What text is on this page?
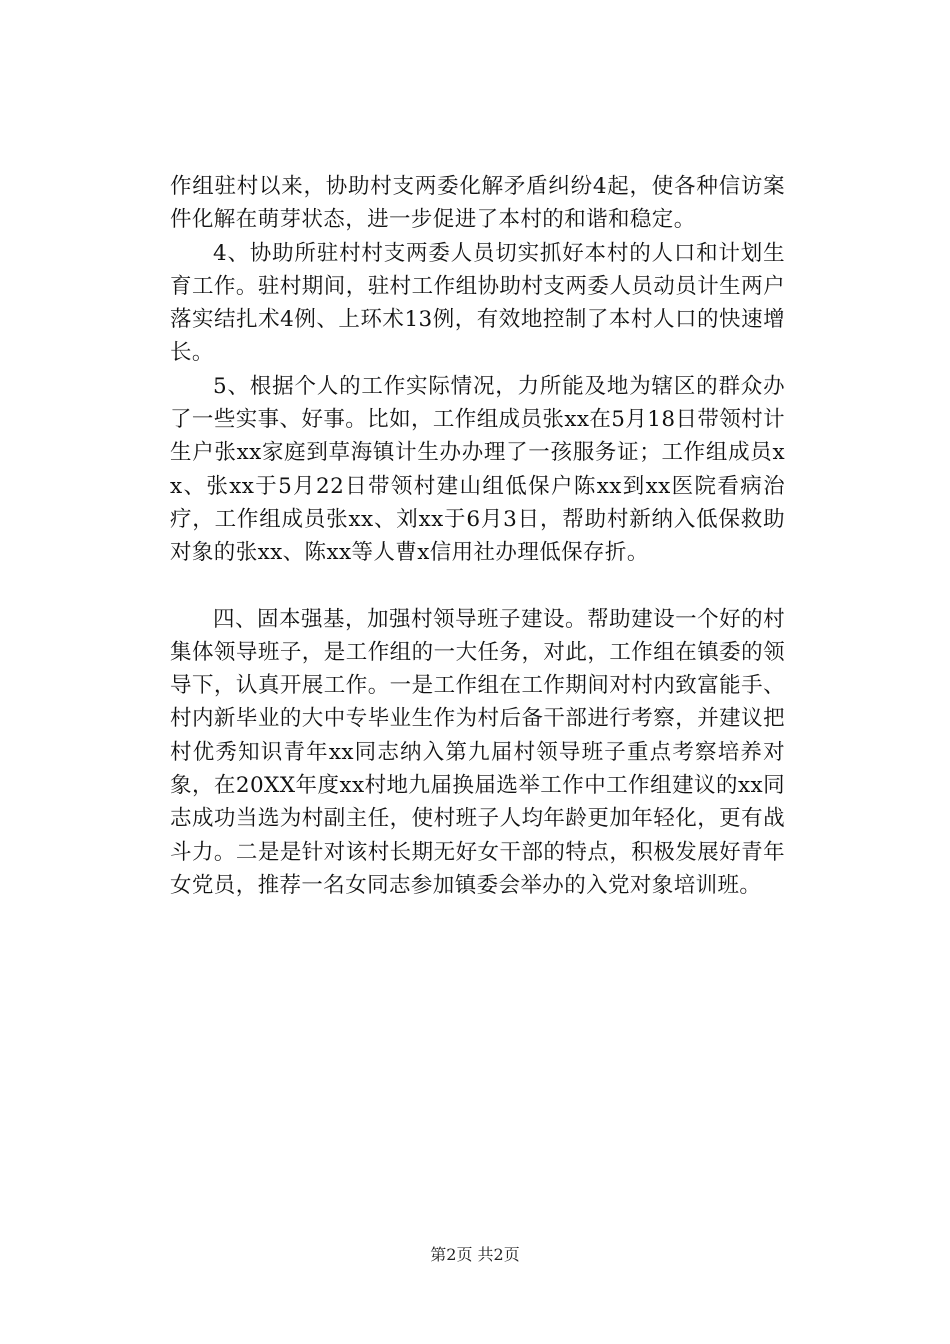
作组驻村以来，协助村支两委化解矛盾纠纷4起，使各种信访案件化解在萌芽状态，进一步促进了本村的和谐和稳定。

4、协助所驻村村支两委人员切实抓好本村的人口和计划生育工作。驻村期间，驻村工作组协助村支两委人员动员计生两户落实结扎术4例、上环术13例，有效地控制了本村人口的快速增长。

5、根据个人的工作实际情况，力所能及地为辖区的群众办了一些实事、好事。比如，工作组成员张xx在5月18日带领村计生户张xx家庭到草海镇计生办办理了一孩服务证；工作组成员xx、张xx于5月22日带领村建山组低保户陈xx到xx医院看病治疗，工作组成员张xx、刘xx于6月3日，帮助村新纳入低保救助对象的张xx、陈xx等人曹x信用社办理低保存折。

四、固本强基，加强村领导班子建设。帮助建设一个好的村集体领导班子，是工作组的一大任务，对此，工作组在镇委的领导下，认真开展工作。一是工作组在工作期间对村内致富能手、村内新毕业的大中专毕业生作为村后备干部进行考察，并建议把村优秀知识青年xx同志纳入第九届村领导班子重点考察培养对象，在20XX年度xx村地九届换届选举工作中工作组建议的xx同志成功当选为村副主任，使村班子人均年龄更加年轻化，更有战斗力。二是是针对该村长期无好女干部的特点，积极发展好青年女党员，推荐一名女同志参加镇委会举办的入党对象培训班。

第2页 共2页
